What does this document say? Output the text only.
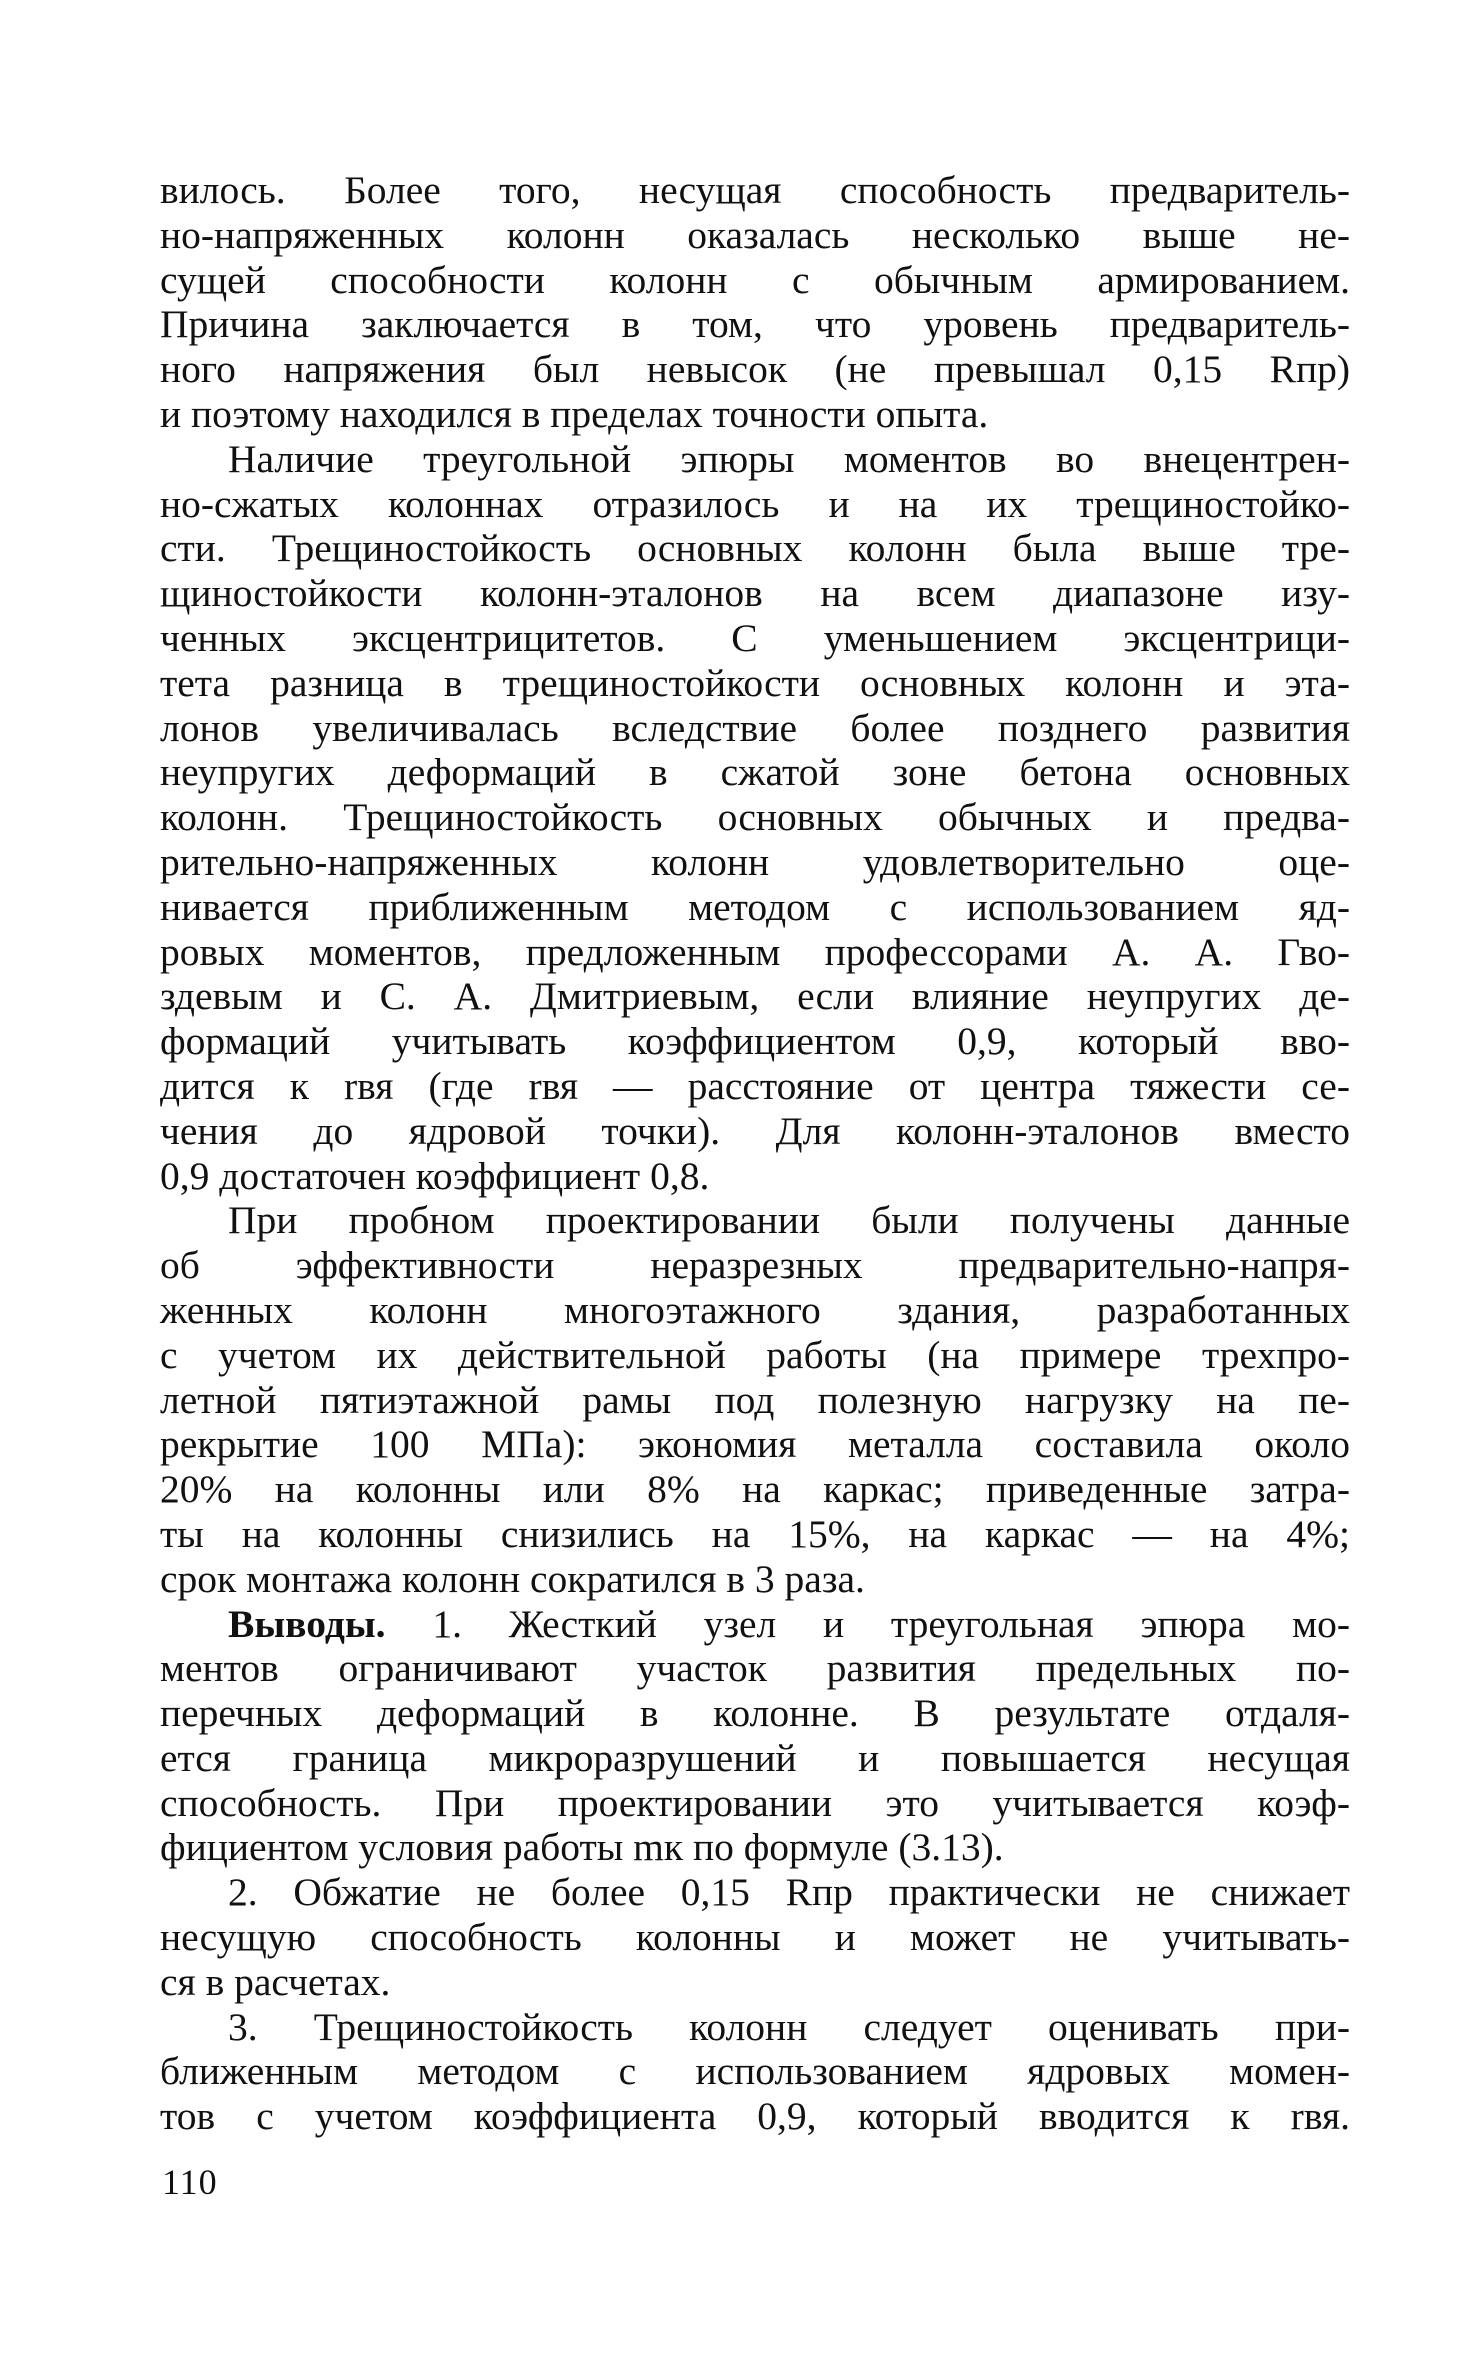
вилось. Более того, несущая способность предваритель-
но-напряженных колонн оказалась несколько выше не-
сущей способности колонн с обычным армированием.
Причина заключается в том, что уровень предваритель-
ного напряжения был невысок (не превышал 0,15 Rпр)
и поэтому находился в пределах точности опыта.
Наличие треугольной эпюры моментов во внецентрен-
но-сжатых колоннах отразилось и на их трещиностойко-
сти. Трещиностойкость основных колонн была выше тре-
щиностойкости колонн-эталонов на всем диапазоне изу-
ченных эксцентрицитетов. С уменьшением эксцентрици-
тета разница в трещиностойкости основных колонн и эта-
лонов увеличивалась вследствие более позднего развития
неупругих деформаций в сжатой зоне бетона основных
колонн. Трещиностойкость основных обычных и предва-
рительно-напряженных колонн удовлетворительно оце-
нивается приближенным методом с использованием яд-
ровых моментов, предложенным профессорами А. А. Гво-
здевым и С. А. Дмитриевым, если влияние неупругих де-
формаций учитывать коэффициентом 0,9, который вво-
дится к rвя (где rвя — расстояние от центра тяжести се-
чения до ядровой точки). Для колонн-эталонов вместо
0,9 достаточен коэффициент 0,8.
При пробном проектировании были получены данные
об эффективности неразрезных предварительно-напря-
женных колонн многоэтажного здания, разработанных
с учетом их действительной работы (на примере трехпро-
летной пятиэтажной рамы под полезную нагрузку на пе-
рекрытие 100 МПа): экономия металла составила около
20% на колонны или 8% на каркас; приведенные затра-
ты на колонны снизились на 15%, на каркас — на 4%;
срок монтажа колонн сократился в 3 раза.
Выводы. 1. Жесткий узел и треугольная эпюра мо-
ментов ограничивают участок развития предельных по-
перечных деформаций в колонне. В результате отдаля-
ется граница микроразрушений и повышается несущая
способность. При проектировании это учитывается коэф-
фициентом условия работы mк по формуле (3.13).
2. Обжатие не более 0,15 Rпр практически не снижает
несущую способность колонны и может не учитывать-
ся в расчетах.
3. Трещиностойкость колонн следует оценивать при-
ближенным методом с использованием ядровых момен-
тов с учетом коэффициента 0,9, который вводится к rвя.
110
